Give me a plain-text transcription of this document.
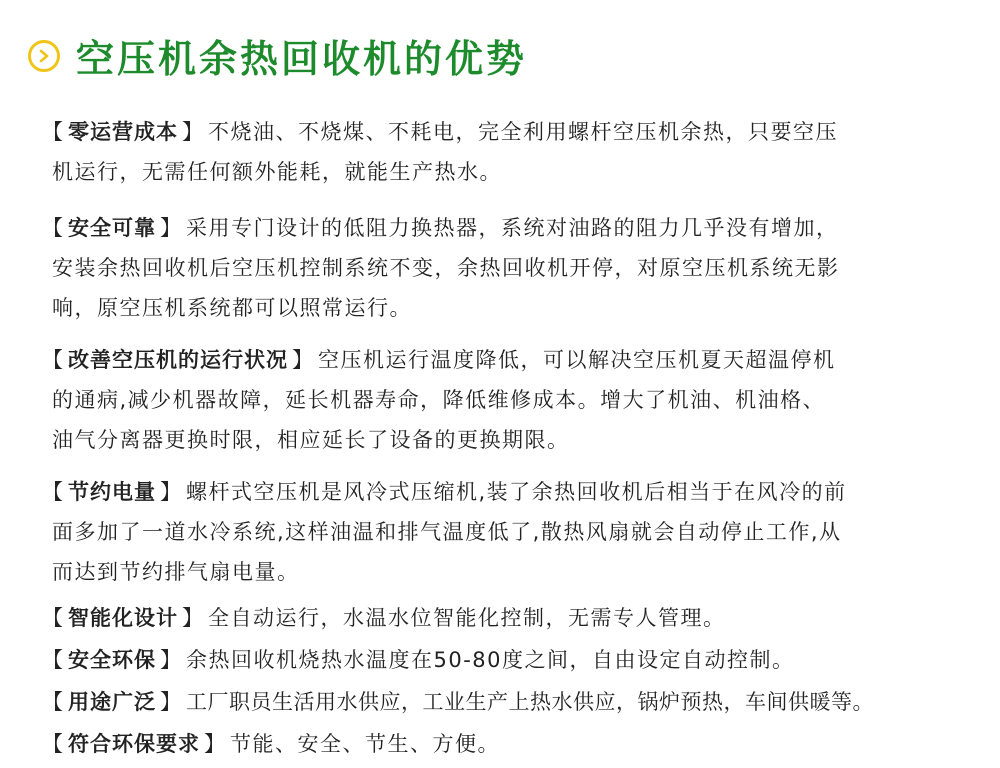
空压机余热回收机的优势
【 零运营成本 】 不烧油、不烧煤、不耗电，完全利用螺杆空压机余热，只要空压
机运行，无需任何额外能耗，就能生产热水。
【 安全可靠 】 采用专门设计的低阻力换热器，系统对油路的阻力几乎没有增加，
安装余热回收机后空压机控制系统不变，余热回收机开停，对原空压机系统无影
响，原空压机系统都可以照常运行。
【 改善空压机的运行状况 】 空压机运行温度降低，可以解决空压机夏天超温停机
的通病,减少机器故障，延长机器寿命，降低维修成本。增大了机油、机油格、
油气分离器更换时限，相应延长了设备的更换期限。
【 节约电量 】 螺杆式空压机是风冷式压缩机,装了余热回收机后相当于在风冷的前
面多加了一道水冷系统,这样油温和排气温度低了,散热风扇就会自动停止工作,从
而达到节约排气扇电量。
【 智能化设计 】 全自动运行，水温水位智能化控制，无需专人管理。
【 安全环保 】 余热回收机烧热水温度在50-80度之间，自由设定自动控制。
【 用途广泛 】 工厂职员生活用水供应，工业生产上热水供应，锅炉预热，车间供暖等。
【 符合环保要求 】 节能、安全、节生、方便。
